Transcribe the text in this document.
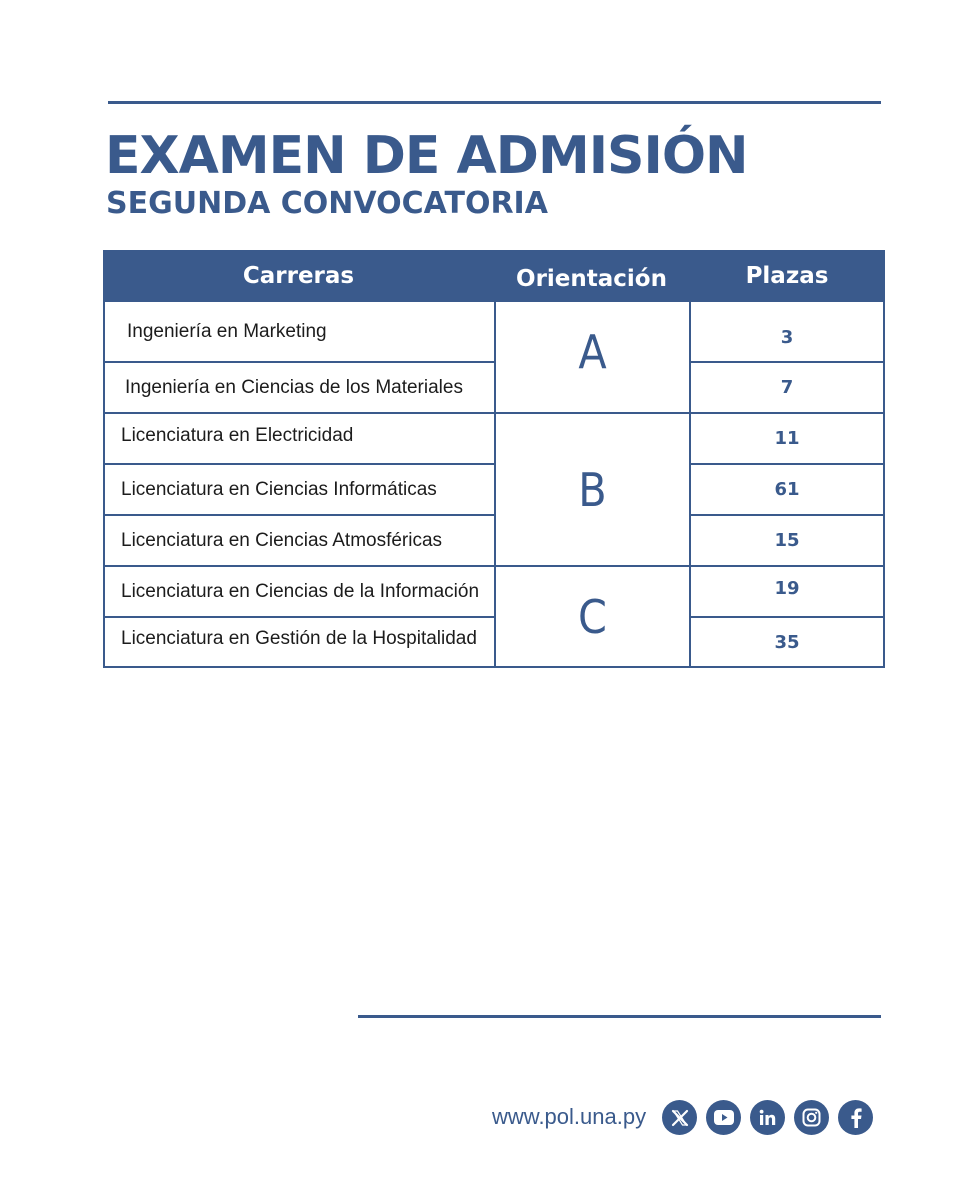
EXAMEN DE ADMISIÓN
SEGUNDA CONVOCATORIA
Carreras	Orientación	Plazas
Ingeniería en Marketing
Ingeniería en Ciencias de los Materiales
Licenciatura en Electricidad
Licenciatura en Ciencias Informáticas
Licenciatura en Ciencias Atmosféricas
Licenciatura en Ciencias de la Información
Licenciatura en Gestión de la Hospitalidad
A
B
C
3
7
11
61
15
19
35
www.pol.una.py
